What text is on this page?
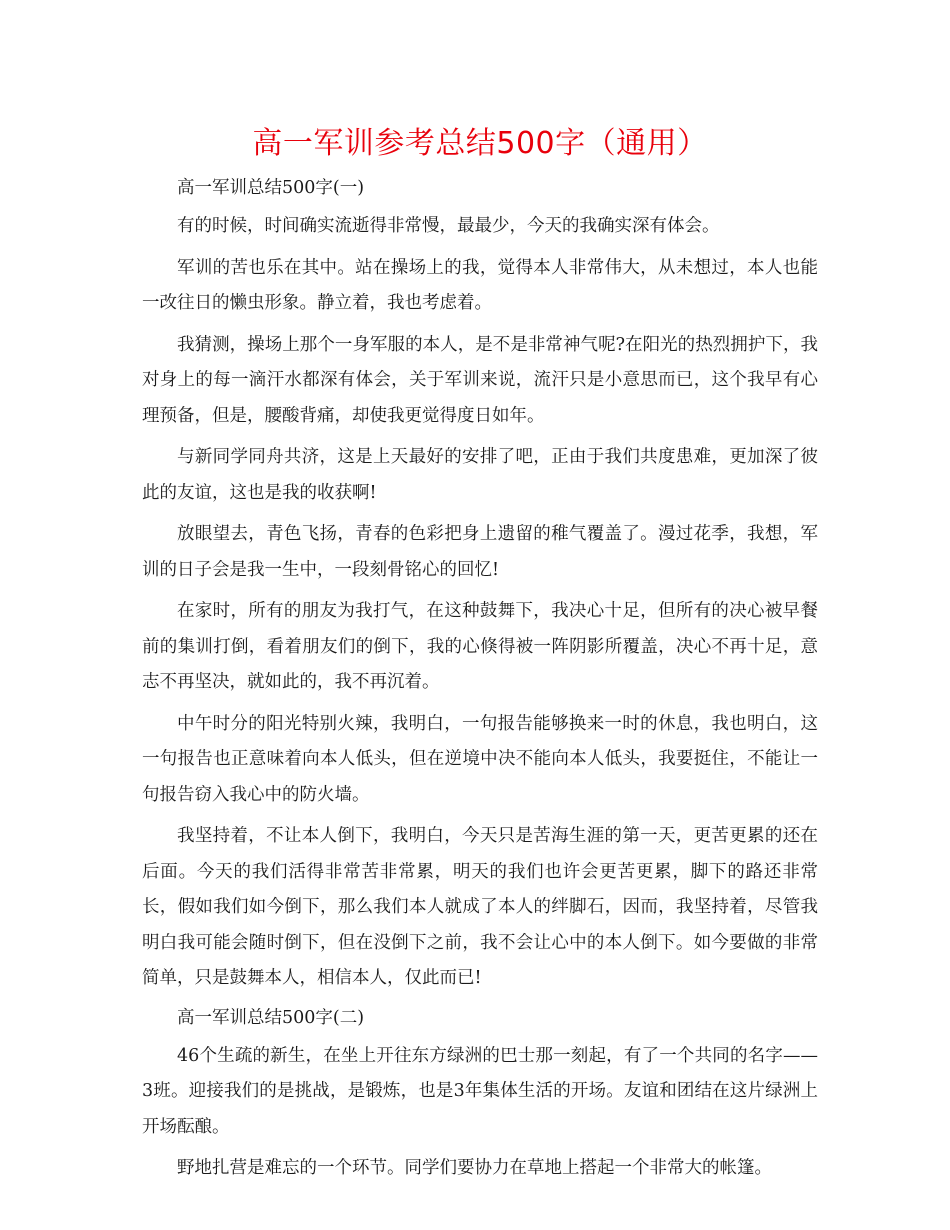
高一军训参考总结500字（通用）
高一军训总结500字(一)

有的时候，时间确实流逝得非常慢，最最少，今天的我确实深有体会。

军训的苦也乐在其中。站在操场上的我，觉得本人非常伟大，从未想过，本人也能一改往日的懒虫形象。静立着，我也考虑着。

我猜测，操场上那个一身军服的本人，是不是非常神气呢?在阳光的热烈拥护下，我对身上的每一滴汗水都深有体会，关于军训来说，流汗只是小意思而已，这个我早有心理预备，但是，腰酸背痛，却使我更觉得度日如年。

与新同学同舟共济，这是上天最好的安排了吧，正由于我们共度患难，更加深了彼此的友谊，这也是我的收获啊!

放眼望去，青色飞扬，青春的色彩把身上遗留的稚气覆盖了。漫过花季，我想，军训的日子会是我一生中，一段刻骨铭心的回忆!

在家时，所有的朋友为我打气，在这种鼓舞下，我决心十足，但所有的决心被早餐前的集训打倒，看着朋友们的倒下，我的心倏得被一阵阴影所覆盖，决心不再十足，意志不再坚决，就如此的，我不再沉着。

中午时分的阳光特别火辣，我明白，一句报告能够换来一时的休息，我也明白，这一句报告也正意味着向本人低头，但在逆境中决不能向本人低头，我要挺住，不能让一句报告窃入我心中的防火墙。

我坚持着，不让本人倒下，我明白，今天只是苦海生涯的第一天，更苦更累的还在后面。今天的我们活得非常苦非常累，明天的我们也许会更苦更累，脚下的路还非常长，假如我们如今倒下，那么我们本人就成了本人的绊脚石，因而，我坚持着，尽管我明白我可能会随时倒下，但在没倒下之前，我不会让心中的本人倒下。如今要做的非常简单，只是鼓舞本人，相信本人，仅此而已!

高一军训总结500字(二)

46个生疏的新生，在坐上开往东方绿洲的巴士那一刻起，有了一个共同的名字——3班。迎接我们的是挑战，是锻炼，也是3年集体生活的开场。友谊和团结在这片绿洲上开场酝酿。

野地扎营是难忘的一个环节。同学们要协力在草地上搭起一个非常大的帐篷。
